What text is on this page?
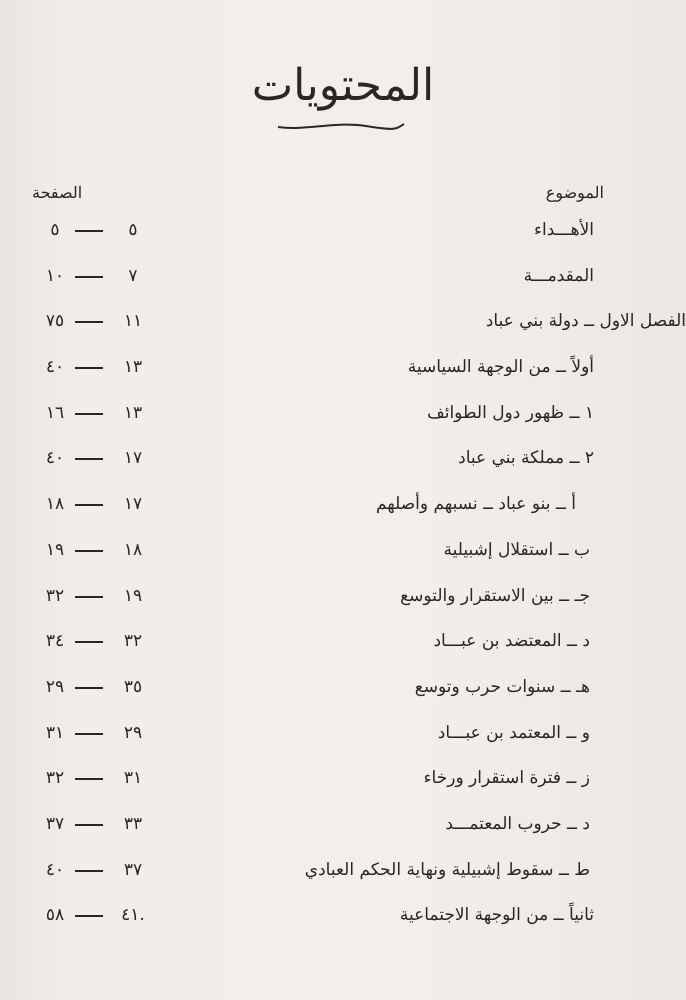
المحتويات
الموضوع
الصفحة
الأهـــداء
٥
٥
المقدمـــة
٧
١٠
الفصل الاول ــ دولة بني عباد
١١
٧٥
أولاً ــ من الوجهة السياسية
١٣
٤٠
١ ــ ظهور دول الطوائف
١٣
١٦
٢ ــ مملكة بني عباد
١٧
٤٠
أ ــ بنو عباد ــ نسبهم وأصلهم
١٧
١٨
ب ــ استقلال إشبيلية
١٨
١٩
جـ ــ بين الاستقرار والتوسع
١٩
٣٢
د ــ المعتضد بن عبـــاد
٣٢
٣٤
هـ ــ سنوات حرب وتوسع
٣٥
٢٩
و ــ المعتمد بن عبـــاد
٢٩
٣١
ز ــ فترة استقرار ورخاء
٣١
٣٢
د ــ حروب المعتمـــد
٣٣
٣٧
ط ــ سقوط إشبيلية ونهاية الحكم العبادي
٣٧
٤٠
ثانياً ــ من الوجهة الاجتماعية
٤١.
٥٨
